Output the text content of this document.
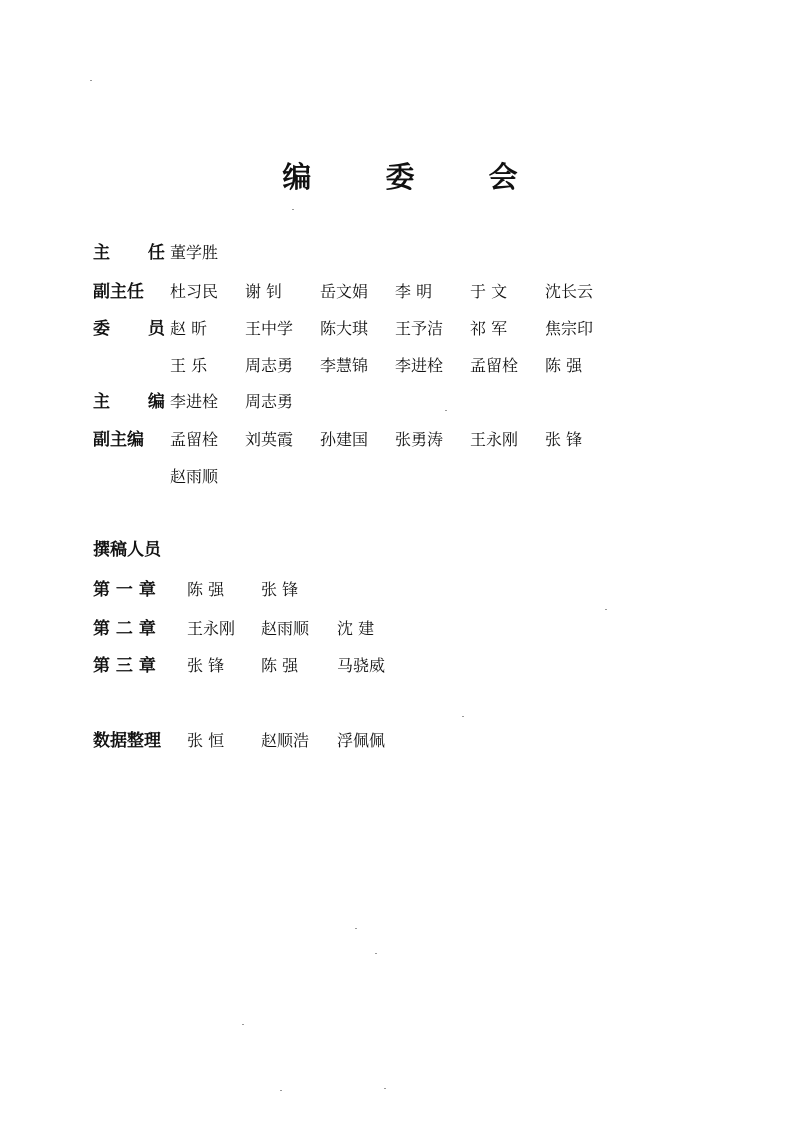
编 委 会
主 任
董学胜
副主任 杜习民 谢 钊 岳文娟 李 明 于 文 沈长云
委 员
赵 昕 王中学 陈大琪 王予洁 祁 军 焦宗印
王 乐 周志勇 李慧锦 李进栓 孟留栓 陈 强
主 编
李进栓 周志勇
副主编 孟留栓 刘英霞 孙建国 张勇涛 王永刚 张 锋
赵雨顺
撰稿人员
第 一 章 陈 强 张 锋
第 二 章 王永刚 赵雨顺 沈 建
第 三 章 张 锋 陈 强 马骁威
数据整理 张 恒 赵顺浩 浮佩佩
